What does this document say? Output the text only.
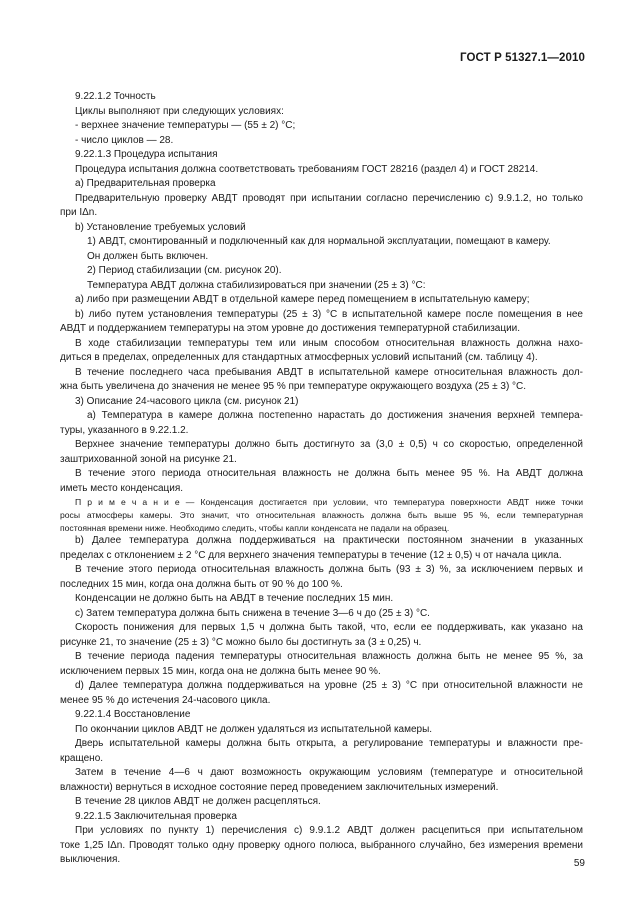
ГОСТ Р 51327.1—2010
9.22.1.2 Точность
Циклы выполняют при следующих условиях:
- верхнее значение температуры — (55 ± 2) °C;
- число циклов — 28.
9.22.1.3 Процедура испытания
Процедура испытания должна соответствовать требованиям ГОСТ 28216 (раздел 4) и ГОСТ 28214.
а) Предварительная проверка
Предварительную проверку АВДТ проводят при испытании согласно перечислению с) 9.9.1.2, но только
при IΔn.
b) Установление требуемых условий
1) АВДТ, смонтированный и подключенный как для нормальной эксплуатации, помещают в камеру.
Он должен быть включен.
2) Период стабилизации (см. рисунок 20).
Температура АВДТ должна стабилизироваться при значении (25 ± 3) °C:
а) либо при размещении АВДТ в отдельной камере перед помещением в испытательную камеру;
b) либо путем установления температуры (25 ± 3) °C в испытательной камере после помещения в нее
АВДТ и поддержанием температуры на этом уровне до достижения температурной стабилизации.
В ходе стабилизации температуры тем или иным способом относительная влажность должна нахо-
диться в пределах, определенных для стандартных атмосферных условий испытаний (см. таблицу 4).
В течение последнего часа пребывания АВДТ в испытательной камере относительная влажность дол-
жна быть увеличена до значения не менее 95 % при температуре окружающего воздуха (25 ± 3) °C.
3) Описание 24-часового цикла (см. рисунок 21)
а) Температура в камере должна постепенно нарастать до достижения значения верхней темпера-
туры, указанного в 9.22.1.2.
Верхнее значение температуры должно быть достигнуто за (3,0 ± 0,5) ч со скоростью, определенной
заштрихованной зоной на рисунке 21.
В течение этого периода относительная влажность не должна быть менее 95 %. На АВДТ должна
иметь место конденсация.
П р и м е ч а н и е — Конденсация достигается при условии, что температура поверхности АВДТ ниже точки
росы атмосферы камеры. Это значит, что относительная влажность должна быть выше 95 %, если температурная
постоянная времени ниже. Необходимо следить, чтобы капли конденсата не падали на образец.
b) Далее температура должна поддерживаться на практически постоянном значении в указанных
пределах с отклонением ± 2 °C для верхнего значения температуры в течение (12 ± 0,5) ч от начала цикла.
В течение этого периода относительная влажность должна быть (93 ± 3) %, за исключением первых и
последних 15 мин, когда она должна быть от 90 % до 100 %.
Конденсации не должно быть на АВДТ в течение последних 15 мин.
с) Затем температура должна быть снижена в течение 3—6 ч до (25 ± 3) °C.
Скорость понижения для первых 1,5 ч должна быть такой, что, если ее поддерживать, как указано на
рисунке 21, то значение (25 ± 3) °C можно было бы достигнуть за (3 ± 0,25) ч.
В течение периода падения температуры относительная влажность должна быть не менее 95 %, за
исключением первых 15 мин, когда она не должна быть менее 90 %.
d) Далее температура должна поддерживаться на уровне (25 ± 3) °C при относительной влажности не
менее 95 % до истечения 24-часового цикла.
9.22.1.4 Восстановление
По окончании циклов АВДТ не должен удаляться из испытательной камеры.
Дверь испытательной камеры должна быть открыта, а регулирование температуры и влажности пре-
кращено.
Затем в течение 4—6 ч дают возможность окружающим условиям (температуре и относительной
влажности) вернуться в исходное состояние перед проведением заключительных измерений.
В течение 28 циклов АВДТ не должен расцепляться.
9.22.1.5 Заключительная проверка
При условиях по пункту 1) перечисления с) 9.9.1.2 АВДТ должен расцепиться при испытательном
токе 1,25 IΔn. Проводят только одну проверку одного полюса, выбранного случайно, без измерения времени
выключения.	59
